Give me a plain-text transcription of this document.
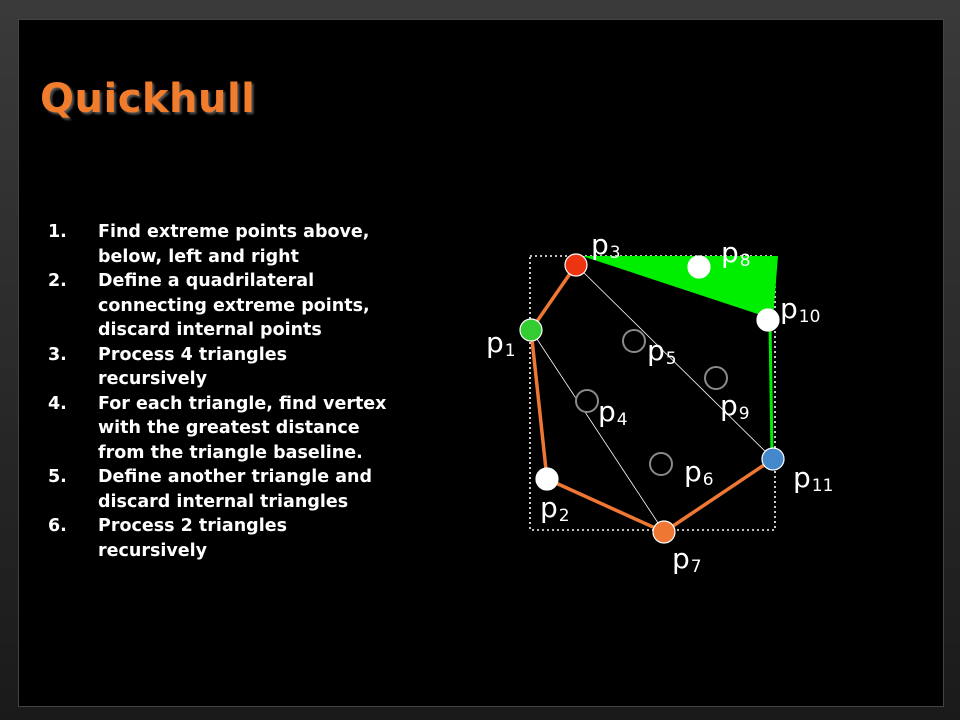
Quickhull
1.	Find extreme points above, below, left and right
2.	Define a quadrilateral connecting extreme points, discard internal points
3.	Process 4 triangles recursively
4.	For each triangle, find vertex with the greatest distance from the triangle baseline.
5.	Define another triangle and discard internal triangles
6.	Process 2 triangles recursively
p1
p2
p3
p4
p5
p6
p7
p8
p9
p10
p11
